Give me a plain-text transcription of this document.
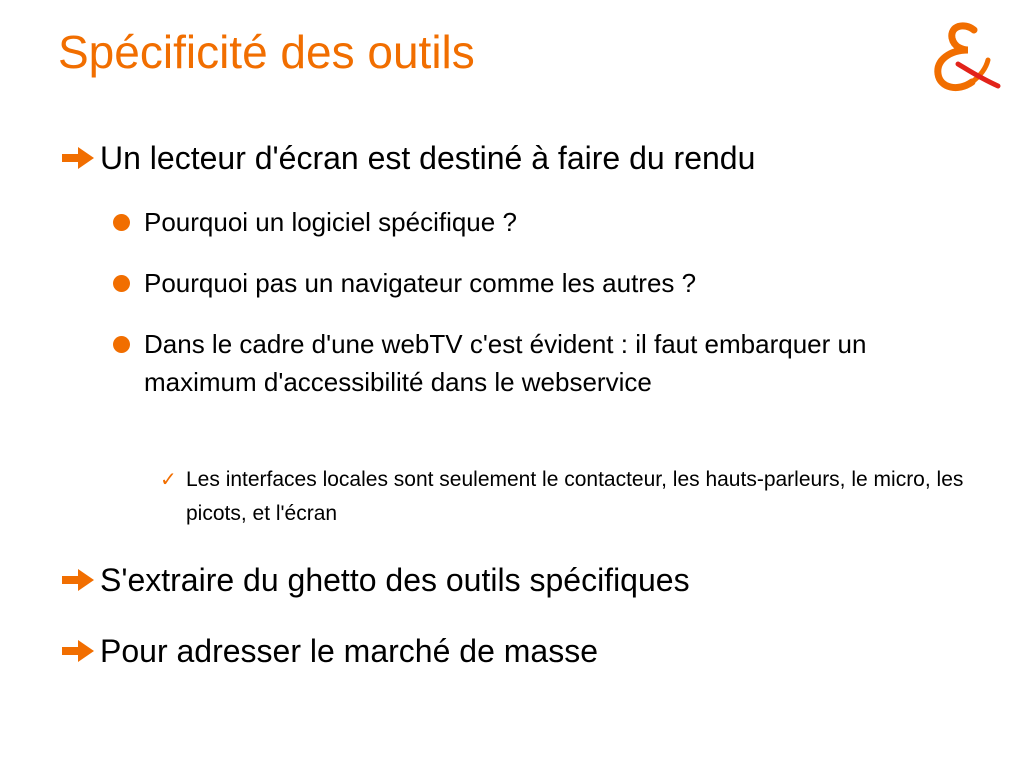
Spécificité des outils
Un lecteur d'écran est destiné à faire du rendu
Pourquoi un logiciel spécifique ?
Pourquoi pas un navigateur comme les autres ?
Dans le cadre d'une webTV c'est évident : il faut embarquer un maximum d'accessibilité dans le webservice
✓ Les interfaces locales sont seulement le contacteur, les hauts-parleurs, le micro, les picots, et l'écran
S'extraire du ghetto des outils spécifiques
Pour adresser le marché de masse
